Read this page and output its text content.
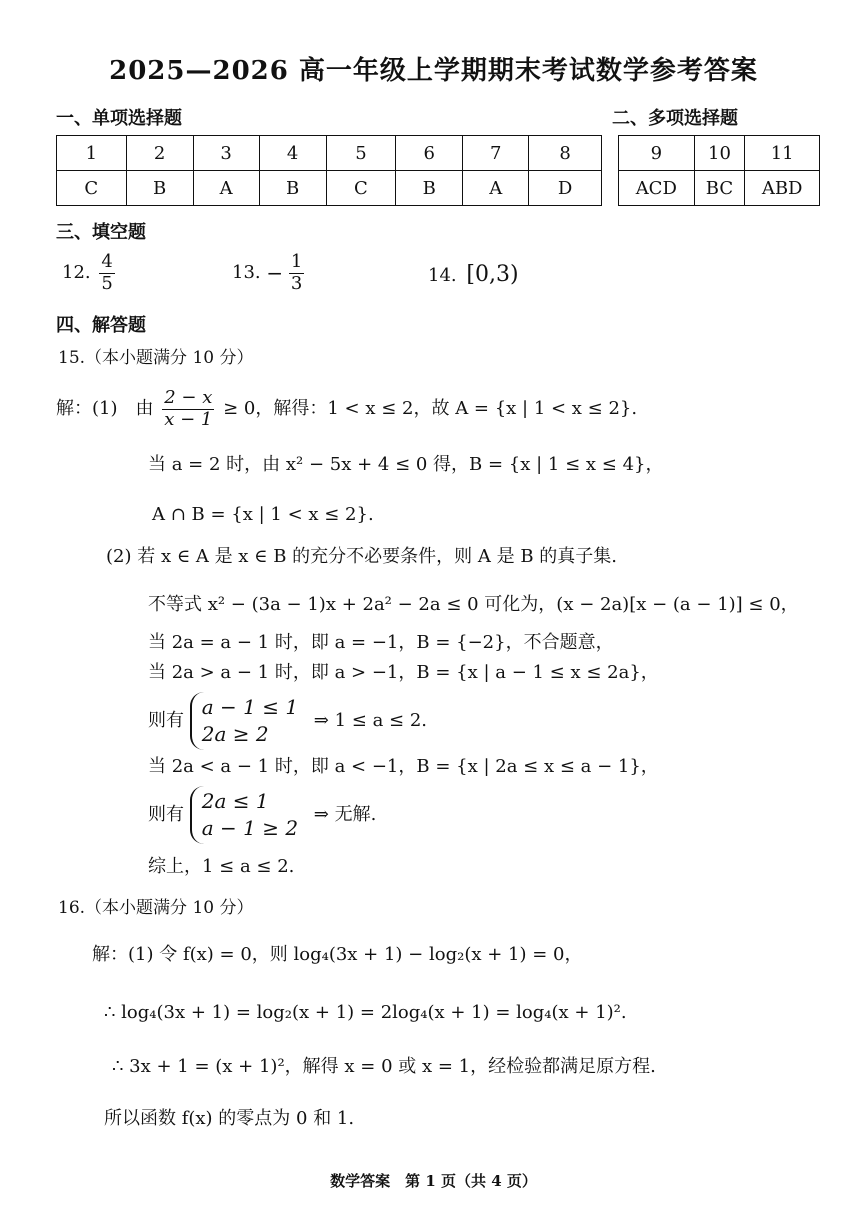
2025—2026 高一年级上学期期末考试数学参考答案
一、单项选择题	二、多项选择题
1	2	3	4	5	6	7	8
C	B	A	B	C	B	A	D
9	10	11
ACD	BC	ABD
三、填空题
12. $\frac{4}{5}$	13. − $\frac{1}{3}$	14. [0,3)
四、解答题
15.（本小题满分 10 分）
解：(1)　由 $\frac{2 - x}{x - 1} \ge 0$，解得：1 < x ≤ 2，故 A = {x | 1 < x ≤ 2}.
当 a = 2 时，由 x² − 5x + 4 ≤ 0 得，B = {x | 1 ≤ x ≤ 4}，
A ∩ B = {x | 1 < x ≤ 2}.
(2) 若 x ∈ A 是 x ∈ B 的充分不必要条件，则 A 是 B 的真子集.
不等式 x² − (3a − 1)x + 2a² − 2a ≤ 0 可化为，(x − 2a)[x − (a − 1)] ≤ 0，
当 2a = a − 1 时，即 a = −1，B = {−2}，不合题意，
当 2a > a − 1 时，即 a > −1，B = {x | a − 1 ≤ x ≤ 2a}，
则有
a − 1 ≤ 1
2a ≥ 2
⇒ 1 ≤ a ≤ 2.
当 2a < a − 1 时，即 a < −1，B = {x | 2a ≤ x ≤ a − 1}，
则有
2a ≤ 1
a − 1 ≥ 2
⇒ 无解.
综上，1 ≤ a ≤ 2.
16.（本小题满分 10 分）
解：(1) 令 f(x) = 0，则 log₄(3x + 1) − log₂(x + 1) = 0，
∴ log₄(3x + 1) = log₂(x + 1) = 2log₄(x + 1) = log₄(x + 1)².
∴ 3x + 1 = (x + 1)²，解得 x = 0 或 x = 1，经检验都满足原方程.
所以函数 f(x) 的零点为 0 和 1.
数学答案　第 1 页（共 4 页）
